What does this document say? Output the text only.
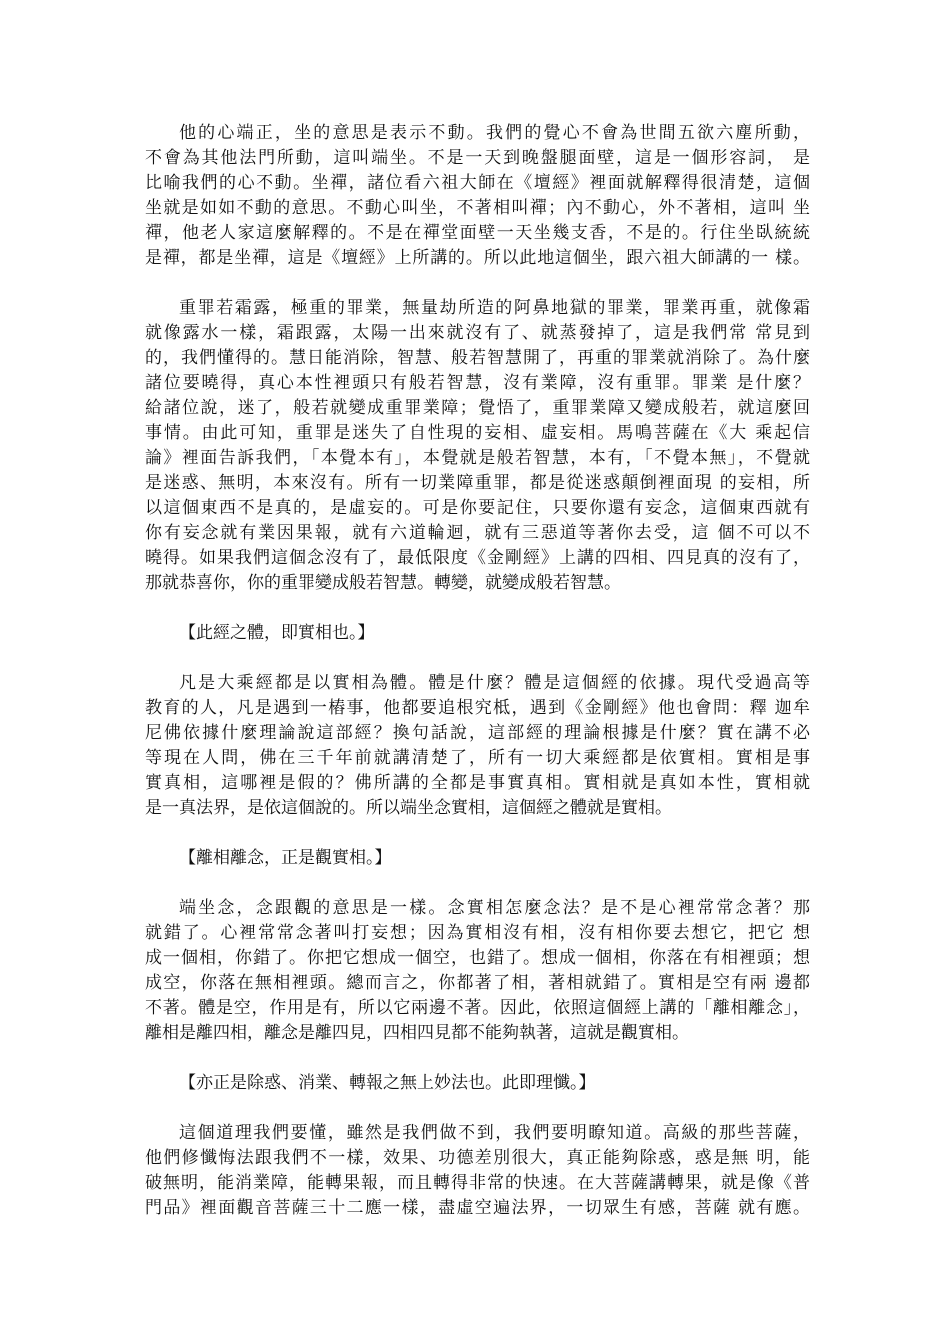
他的心端正，坐的意思是表示不動。我們的覺心不會為世間五欲六塵所動，
不會為其他法門所動，這叫端坐。不是一天到晚盤腿面壁，這是一個形容詞， 是
比喻我們的心不動。坐禪，諸位看六祖大師在《壇經》裡面就解釋得很清楚，這個
坐就是如如不動的意思。不動心叫坐，不著相叫禪；內不動心，外不著相，這叫 坐
禪，他老人家這麼解釋的。不是在禪堂面壁一天坐幾支香，不是的。行住坐臥統統
是禪，都是坐禪，這是《壇經》上所講的。所以此地這個坐，跟六祖大師講的一 樣。
重罪若霜露，極重的罪業，無量劫所造的阿鼻地獄的罪業，罪業再重，就像霜
就像露水一樣，霜跟露，太陽一出來就沒有了、就蒸發掉了，這是我們常 常見到
的，我們懂得的。慧日能消除，智慧、般若智慧開了，再重的罪業就消除了。為什麼
諸位要曉得，真心本性裡頭只有般若智慧，沒有業障，沒有重罪。罪業 是什麼？
給諸位說，迷了，般若就變成重罪業障；覺悟了，重罪業障又變成般若，就這麼回
事情。由此可知，重罪是迷失了自性現的妄相、虛妄相。馬鳴菩薩在《大 乘起信
論》裡面告訴我們，「本覺本有」，本覺就是般若智慧，本有，「不覺本無」，不覺就
是迷惑、無明，本來沒有。所有一切業障重罪，都是從迷惑顛倒裡面現 的妄相，所
以這個東西不是真的，是虛妄的。可是你要記住，只要你還有妄念，這個東西就有
你有妄念就有業因果報，就有六道輪迴，就有三惡道等著你去受，這 個不可以不
曉得。如果我們這個念沒有了，最低限度《金剛經》上講的四相、四見真的沒有了，
那就恭喜你，你的重罪變成般若智慧。轉變，就變成般若智慧。
【此經之體，即實相也。】
凡是大乘經都是以實相為體。體是什麼？體是這個經的依據。現代受過高等
教育的人，凡是遇到一樁事，他都要追根究柢，遇到《金剛經》他也會問：釋 迦牟
尼佛依據什麼理論說這部經？換句話說，這部經的理論根據是什麼？實在講不必
等現在人問，佛在三千年前就講清楚了，所有一切大乘經都是依實相。實相是事
實真相，這哪裡是假的？佛所講的全都是事實真相。實相就是真如本性，實相就
是一真法界，是依這個說的。所以端坐念實相，這個經之體就是實相。
【離相離念，正是觀實相。】
端坐念，念跟觀的意思是一樣。念實相怎麼念法？是不是心裡常常念著？那
就錯了。心裡常常念著叫打妄想；因為實相沒有相，沒有相你要去想它，把它 想
成一個相，你錯了。你把它想成一個空，也錯了。想成一個相，你落在有相裡頭；想
成空，你落在無相裡頭。總而言之，你都著了相，著相就錯了。實相是空有兩 邊都
不著。體是空，作用是有，所以它兩邊不著。因此，依照這個經上講的「離相離念」，
離相是離四相，離念是離四見，四相四見都不能夠執著，這就是觀實相。
【亦正是除惑、消業、轉報之無上妙法也。此即理懺。】
這個道理我們要懂，雖然是我們做不到，我們要明瞭知道。高級的那些菩薩，
他們修懺悔法跟我們不一樣，效果、功德差別很大，真正能夠除惑，惑是無 明，能
破無明，能消業障，能轉果報，而且轉得非常的快速。在大菩薩講轉果，就是像《普
門品》裡面觀音菩薩三十二應一樣，盡虛空遍法界，一切眾生有感，菩薩 就有應。
